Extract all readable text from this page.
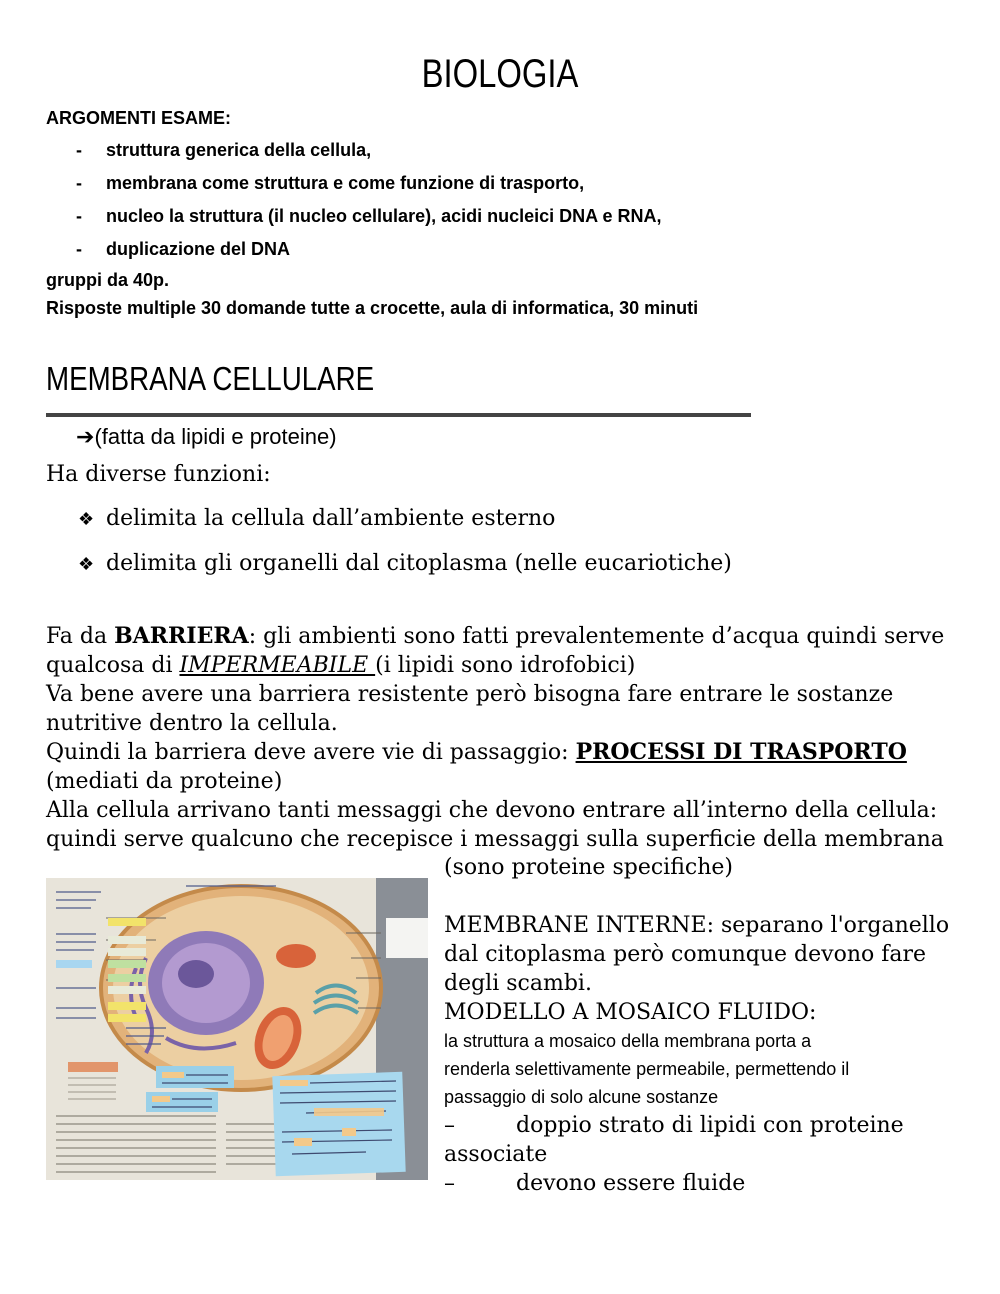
BIOLOGIA
ARGOMENTI ESAME:
- struttura generica della cellula,
- membrana come struttura e come funzione di trasporto,
- nucleo la struttura (il nucleo cellulare), acidi nucleici DNA e RNA,
- duplicazione del DNA
gruppi da 40p.
Risposte multiple 30 domande tutte a crocette, aula di informatica, 30 minuti
MEMBRANA CELLULARE
➔(fatta da lipidi e proteine)
Ha diverse funzioni:
❖ delimita la cellula dall’ambiente esterno
❖ delimita gli organelli dal citoplasma (nelle eucariotiche)
Fa da BARRIERA: gli ambienti sono fatti prevalentemente d’acqua quindi serve
qualcosa di IMPERMEABILE (i lipidi sono idrofobici)
Va bene avere una barriera resistente però bisogna fare entrare le sostanze
nutritive dentro la cellula.
Quindi la barriera deve avere vie di passaggio: PROCESSI DI TRASPORTO
(mediati da proteine)
Alla cellula arrivano tanti messaggi che devono entrare all’interno della cellula:
quindi serve qualcuno che recepisce i messaggi sulla superficie della membrana
(sono proteine specifiche)

MEMBRANE INTERNE: separano l'organello
dal citoplasma però comunque devono fare
degli scambi.
MODELLO A MOSAICO FLUIDO:
la struttura a mosaico della membrana porta a
renderla selettivamente permeabile, permettendo il
passaggio di solo alcune sostanze
–	doppio strato di lipidi con proteine
associate
–	devono essere fluide
